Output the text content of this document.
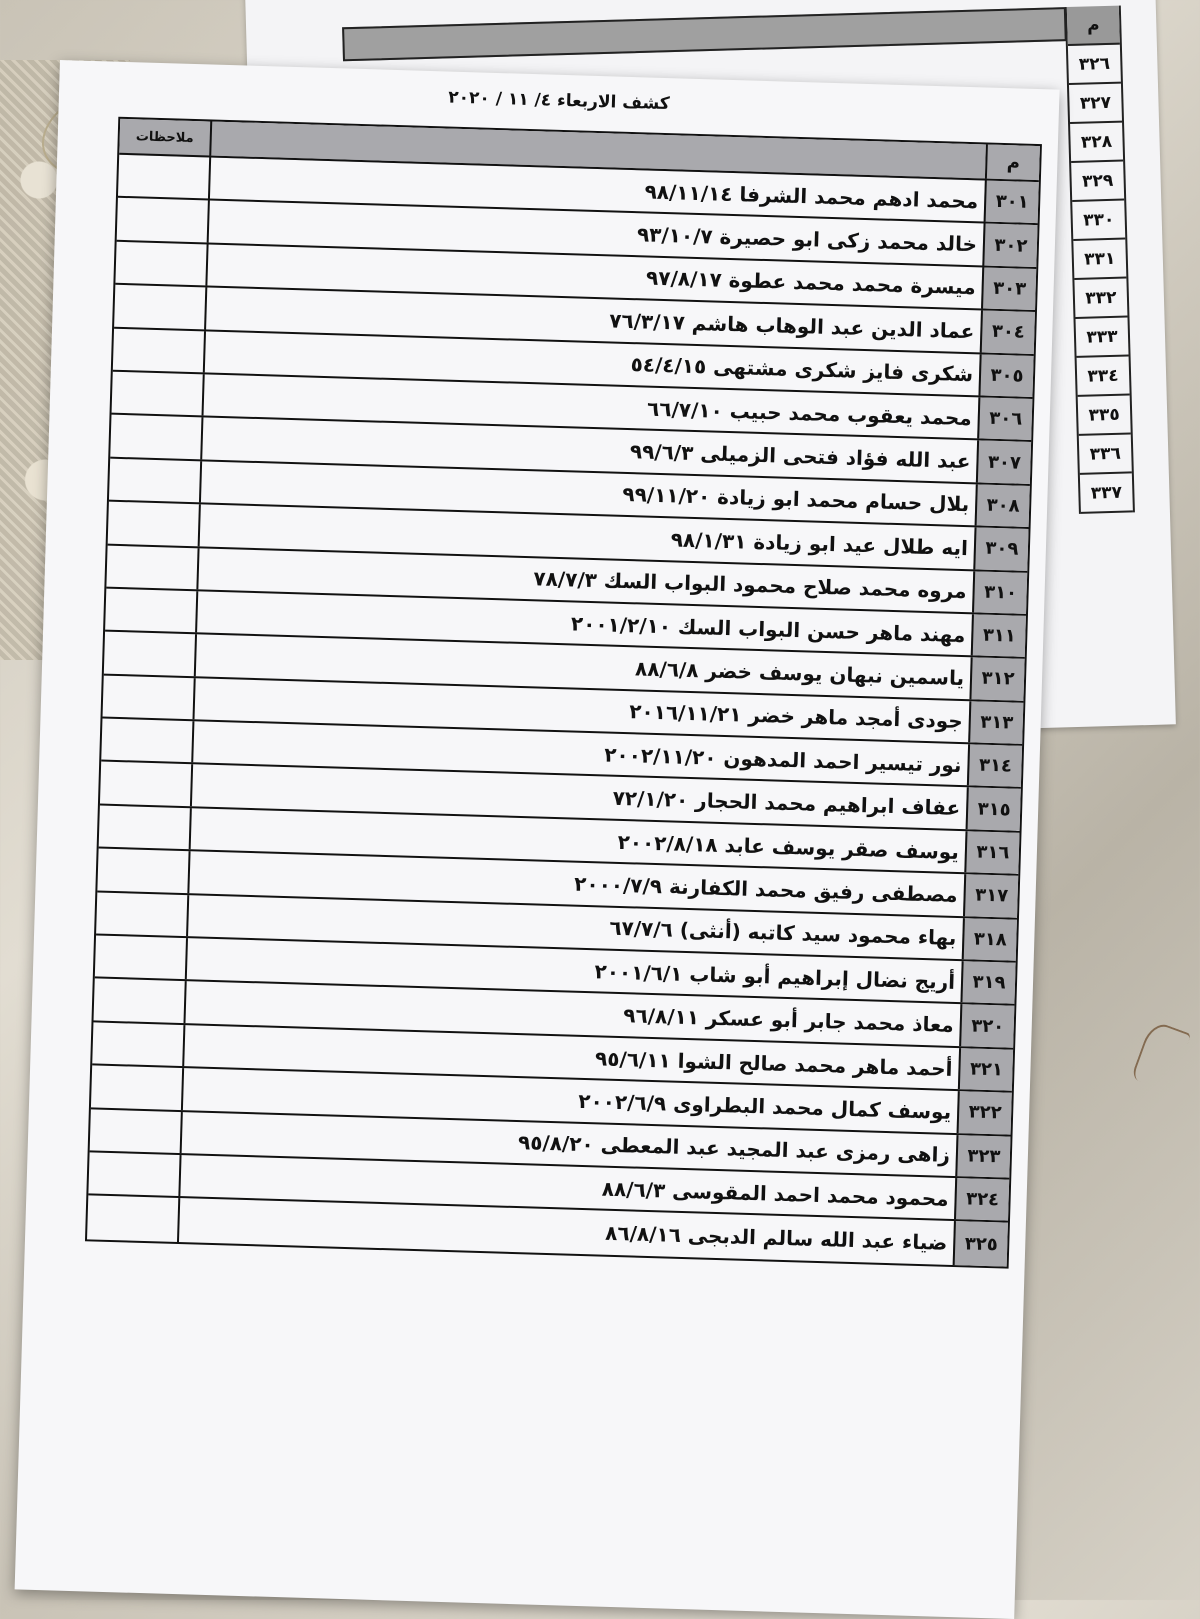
م
٣٢٦
٣٢٧
٣٢٨
٣٢٩
٣٣٠
٣٣١
٣٣٢
٣٣٣
٣٣٤
٣٣٥
٣٣٦
٣٣٧
كشف الاربعاء ٤/ ١١ / ٢٠٢٠
م
ملاحظات
٣٠١
محمد ادهم محمد الشرفا ٩٨/١١/١٤
٣٠٢
خالد محمد زكى ابو حصيرة ٩٣/١٠/٧
٣٠٣
ميسرة محمد محمد عطوة ٩٧/٨/١٧
٣٠٤
عماد الدين عبد الوهاب هاشم ٧٦/٣/١٧
٣٠٥
شكرى فايز شكرى مشتهى ٥٤/٤/١٥
٣٠٦
محمد يعقوب محمد حبيب ٦٦/٧/١٠
٣٠٧
عبد الله فؤاد فتحى الزميلى ٩٩/٦/٣
٣٠٨
بلال حسام محمد ابو زيادة ٩٩/١١/٢٠
٣٠٩
ايه طلال عيد ابو زيادة ٩٨/١/٣١
٣١٠
مروه محمد صلاح محمود البواب السك ٧٨/٧/٣
٣١١
مهند ماهر حسن البواب السك ٢٠٠١/٢/١٠
٣١٢
ياسمين نبهان يوسف خضر ٨٨/٦/٨
٣١٣
جودى أمجد ماهر خضر ٢٠١٦/١١/٢١
٣١٤
نور تيسير احمد المدهون ٢٠٠٢/١١/٢٠
٣١٥
عفاف ابراهيم محمد الحجار ٧٢/١/٢٠
٣١٦
يوسف صقر يوسف عابد ٢٠٠٢/٨/١٨
٣١٧
مصطفى رفيق محمد الكفارنة ٢٠٠٠/٧/٩
٣١٨
بهاء محمود سيد كاتبه (أنثى) ٦٧/٧/٦
٣١٩
أريج نضال إبراهيم أبو شاب ٢٠٠١/٦/١
٣٢٠
معاذ محمد جابر أبو عسكر ٩٦/٨/١١
٣٢١
أحمد ماهر محمد صالح الشوا ٩٥/٦/١١
٣٢٢
يوسف كمال محمد البطراوى ٢٠٠٢/٦/٩
٣٢٣
زاهى رمزى عبد المجيد عبد المعطى ٩٥/٨/٢٠
٣٢٤
محمود محمد احمد المقوسى ٨٨/٦/٣
٣٢٥
ضياء عبد الله سالم الدبجى ٨٦/٨/١٦
